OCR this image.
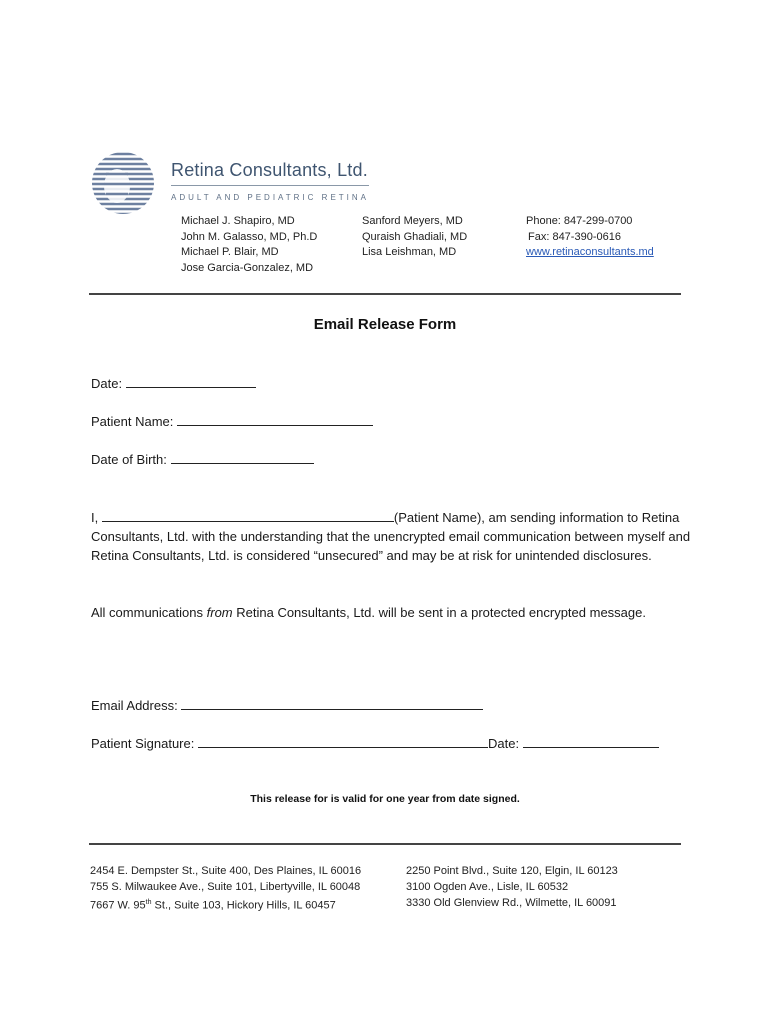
Retina Consultants, Ltd.
ADULT AND PEDIATRIC RETINA
Michael J. Shapiro, MD
John M. Galasso, MD, Ph.D
Michael P. Blair, MD
Jose Garcia-Gonzalez, MD
Sanford Meyers, MD
Quraish Ghadiali, MD
Lisa Leishman, MD
Phone: 847-299-0700
Fax: 847-390-0616
www.retinaconsultants.md
Email Release Form
Date:
Patient Name:
Date of Birth:
I,	(Patient Name), am sending information to Retina Consultants, Ltd. with the understanding that the unencrypted email communication between myself and Retina Consultants, Ltd. is considered “unsecured” and may be at risk for unintended disclosures.
All communications from Retina Consultants, Ltd. will be sent in a protected encrypted message.
Email Address:
Patient Signature:	Date:
This release for is valid for one year from date signed.
2454 E. Dempster St., Suite 400, Des Plaines, IL 60016
755 S. Milwaukee Ave., Suite 101, Libertyville, IL 60048
7667 W. 95th St., Suite 103, Hickory Hills, IL 60457
2250 Point Blvd., Suite 120, Elgin, IL 60123
3100 Ogden Ave., Lisle, IL 60532
3330 Old Glenview Rd., Wilmette, IL 60091
